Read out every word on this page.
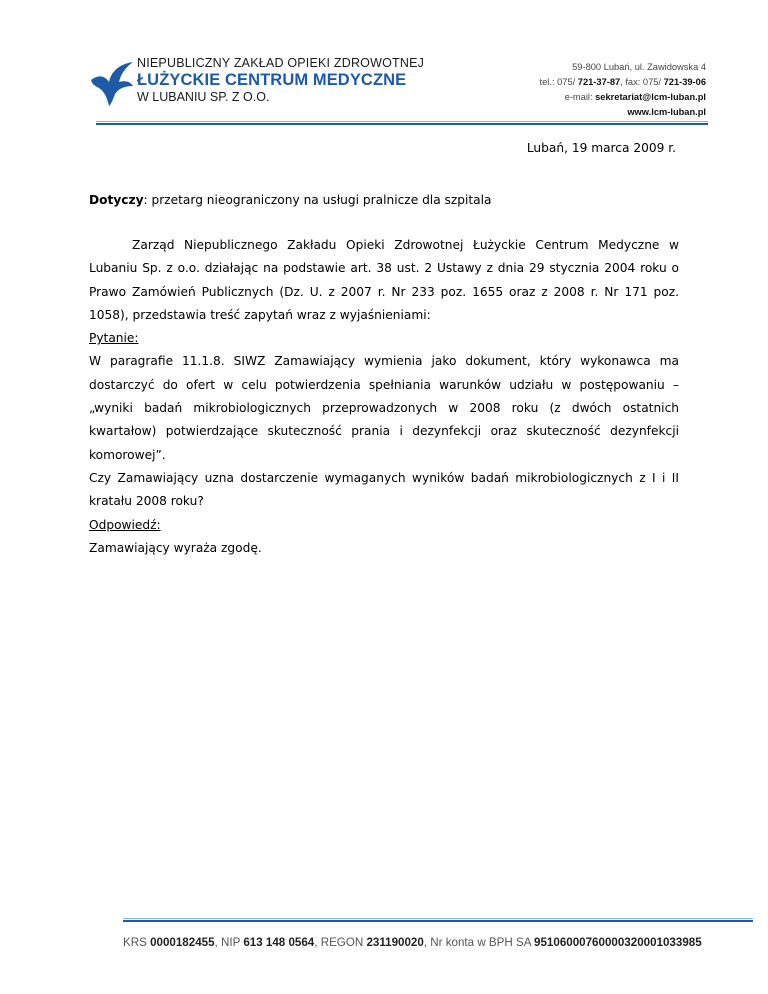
NIEPUBLICZNY ZAKŁAD OPIEKI ZDROWOTNEJ
ŁUŻYCKIE CENTRUM MEDYCZNE
W LUBANIU SP. Z O.O.
59-800 Lubań, ul. Zawidowska 4
tel.: 075/ 721-37-87, fax: 075/ 721-39-06
e-mail: sekretariat@lcm-luban.pl
www.lcm-luban.pl
Lubań, 19 marca 2009 r.
Dotyczy: przetarg nieograniczony na usługi pralnicze dla szpitala

Zarząd Niepublicznego Zakładu Opieki Zdrowotnej Łużyckie Centrum Medyczne w Lubaniu Sp. z o.o. działając na podstawie art. 38 ust. 2 Ustawy z dnia 29 stycznia 2004 roku o Prawo Zamówień Publicznych (Dz. U. z 2007 r. Nr 233 poz. 1655 oraz z 2008 r. Nr 171 poz. 1058), przedstawia treść zapytań wraz z wyjaśnieniami:

Pytanie:

W paragrafie 11.1.8. SIWZ Zamawiający wymienia jako dokument, który wykonawca ma dostarczyć do ofert w celu potwierdzenia spełniania warunków udziału w postępowaniu – „wyniki badań mikrobiologicznych przeprowadzonych w 2008 roku (z dwóch ostatnich kwartałow) potwierdzające skuteczność prania i dezynfekcji oraz skuteczność dezynfekcji komorowej”.

Czy Zamawiający uzna dostarczenie wymaganych wyników badań mikrobiologicznych z I i II kratału 2008 roku?

Odpowiedź:

Zamawiający wyraża zgodę.

KRS 0000182455, NIP 613 148 0564, REGON 231190020, Nr konta w BPH SA 95106000760000320001033985
